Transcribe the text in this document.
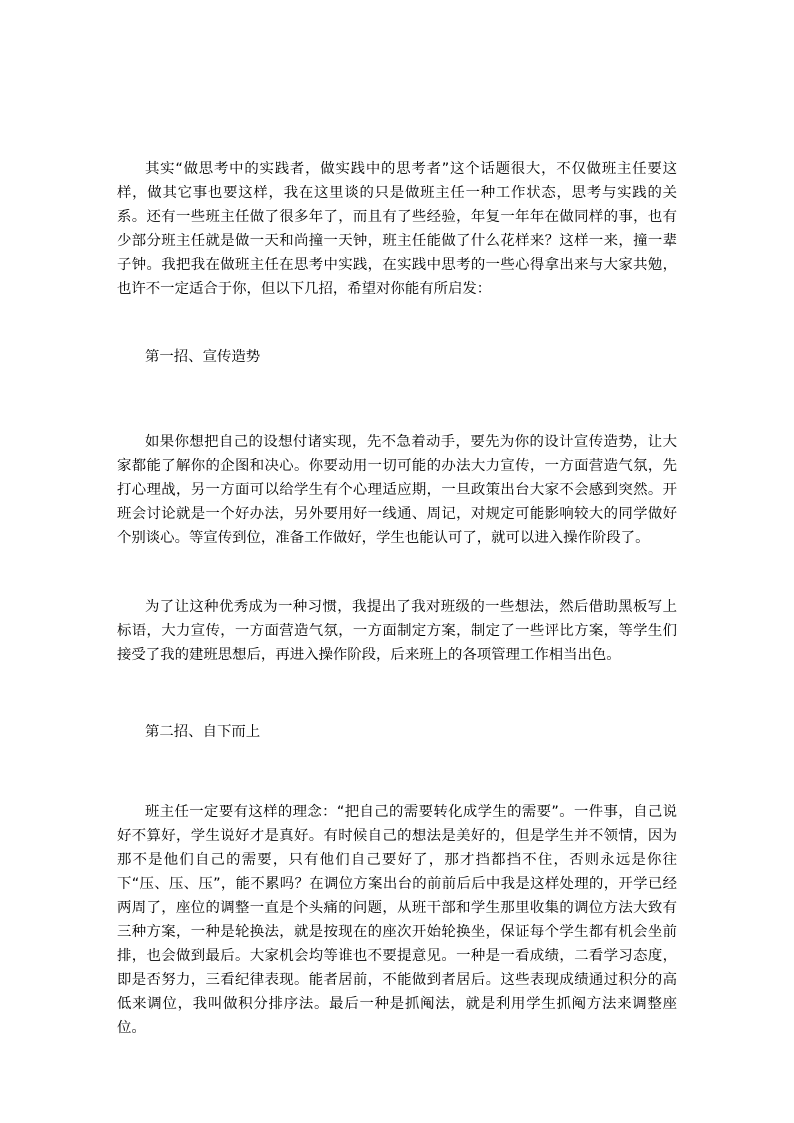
其实“做思考中的实践者，做实践中的思考者”这个话题很大，不仅做班主任要这样，做其它事也要这样，我在这里谈的只是做班主任一种工作状态，思考与实践的关系。还有一些班主任做了很多年了，而且有了些经验，年复一年年在做同样的事，也有少部分班主任就是做一天和尚撞一天钟，班主任能做了什么花样来？这样一来，撞一辈子钟。我把我在做班主任在思考中实践，在实践中思考的一些心得拿出来与大家共勉，也许不一定适合于你，但以下几招，希望对你能有所启发：

第一招、宣传造势

如果你想把自己的设想付诸实现，先不急着动手，要先为你的设计宣传造势，让大家都能了解你的企图和决心。你要动用一切可能的办法大力宣传，一方面营造气氛，先打心理战，另一方面可以给学生有个心理适应期，一旦政策出台大家不会感到突然。开班会讨论就是一个好办法，另外要用好一线通、周记，对规定可能影响较大的同学做好个别谈心。等宣传到位，准备工作做好，学生也能认可了，就可以进入操作阶段了。

为了让这种优秀成为一种习惯，我提出了我对班级的一些想法，然后借助黑板写上标语，大力宣传，一方面营造气氛，一方面制定方案，制定了一些评比方案，等学生们接受了我的建班思想后，再进入操作阶段，后来班上的各项管理工作相当出色。

第二招、自下而上

班主任一定要有这样的理念：“把自己的需要转化成学生的需要”。一件事，自己说好不算好，学生说好才是真好。有时候自己的想法是美好的，但是学生并不领情，因为那不是他们自己的需要，只有他们自己要好了，那才挡都挡不住，否则永远是你往下“压、压、压”，能不累吗？在调位方案出台的前前后后中我是这样处理的，开学已经两周了，座位的调整一直是个头痛的问题，从班干部和学生那里收集的调位方法大致有三种方案，一种是轮换法，就是按现在的座次开始轮换坐，保证每个学生都有机会坐前排，也会做到最后。大家机会均等谁也不要提意见。一种是一看成绩，二看学习态度，即是否努力，三看纪律表现。能者居前，不能做到者居后。这些表现成绩通过积分的高低来调位，我叫做积分排序法。最后一种是抓阄法，就是利用学生抓阄方法来调整座位。
